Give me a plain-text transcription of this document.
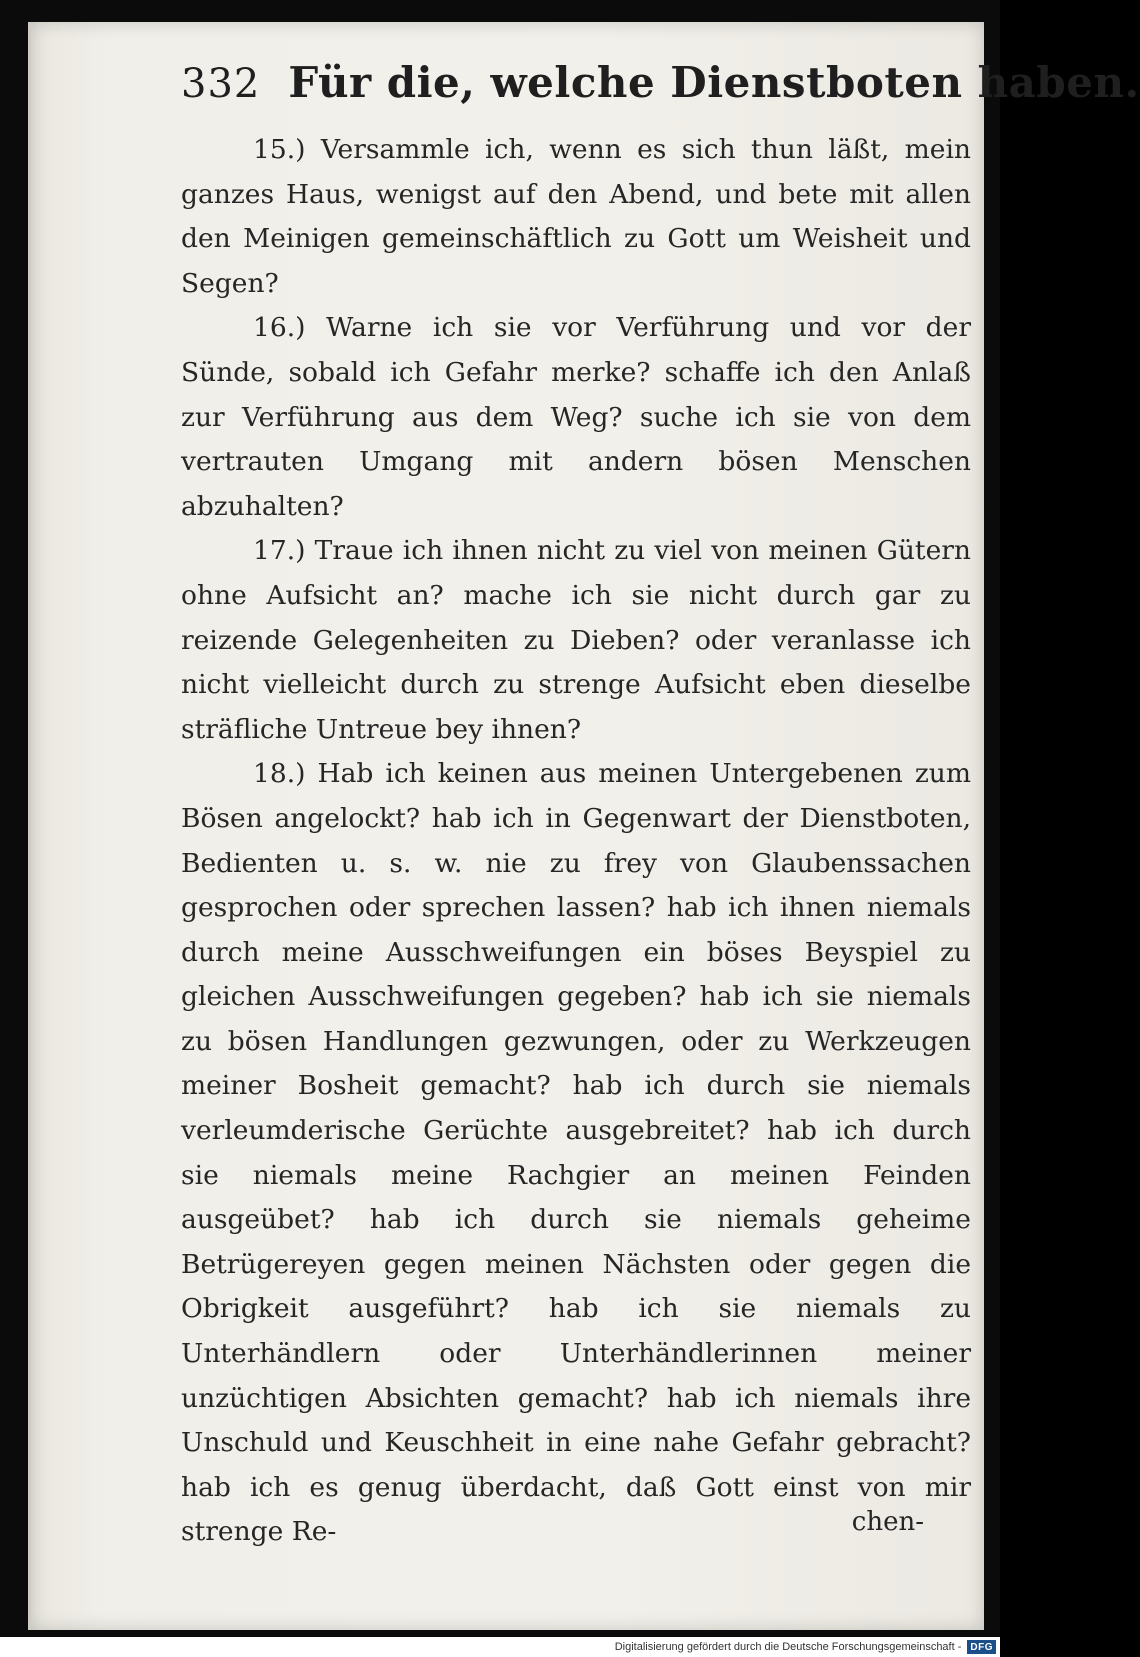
332 Für die, welche Dienstboten haben.

15.) Versammle ich, wenn es sich thun läßt, mein ganzes Haus, wenigst auf den Abend, und bete mit allen den Meinigen gemeinschäftlich zu Gott um Weisheit und Segen?

16.) Warne ich sie vor Verführung und vor der Sünde, sobald ich Gefahr merke? schaffe ich den Anlaß zur Verführung aus dem Weg? suche ich sie von dem vertrauten Umgang mit andern bösen Menschen abzuhalten?

17.) Traue ich ihnen nicht zu viel von meinen Gütern ohne Aufsicht an? mache ich sie nicht durch gar zu reizende Gelegenheiten zu Dieben? oder veranlasse ich nicht vielleicht durch zu strenge Aufsicht eben dieselbe sträfliche Untreue bey ihnen?

18.) Hab ich keinen aus meinen Untergebenen zum Bösen angelockt? hab ich in Gegenwart der Dienstboten, Bedienten u. s. w. nie zu frey von Glaubenssachen gesprochen oder sprechen lassen? hab ich ihnen niemals durch meine Ausschweifungen ein böses Beyspiel zu gleichen Ausschweifungen gegeben? hab ich sie niemals zu bösen Handlungen gezwungen, oder zu Werkzeugen meiner Bosheit gemacht? hab ich durch sie niemals verleumderische Gerüchte ausgebreitet? hab ich durch sie niemals meine Rachgier an meinen Feinden ausgeübet? hab ich durch sie niemals geheime Betrügereyen gegen meinen Nächsten oder gegen die Obrigkeit ausgeführt? hab ich sie niemals zu Unterhändlern oder Unterhändlerinnen meiner unzüchtigen Absichten gemacht? hab ich niemals ihre Unschuld und Keuschheit in eine nahe Gefahr gebracht? hab ich es genug überdacht, daß Gott einst von mir strenge Re-	chen-
Digitalisierung gefördert durch die Deutsche Forschungsgemeinschaft - DFG
